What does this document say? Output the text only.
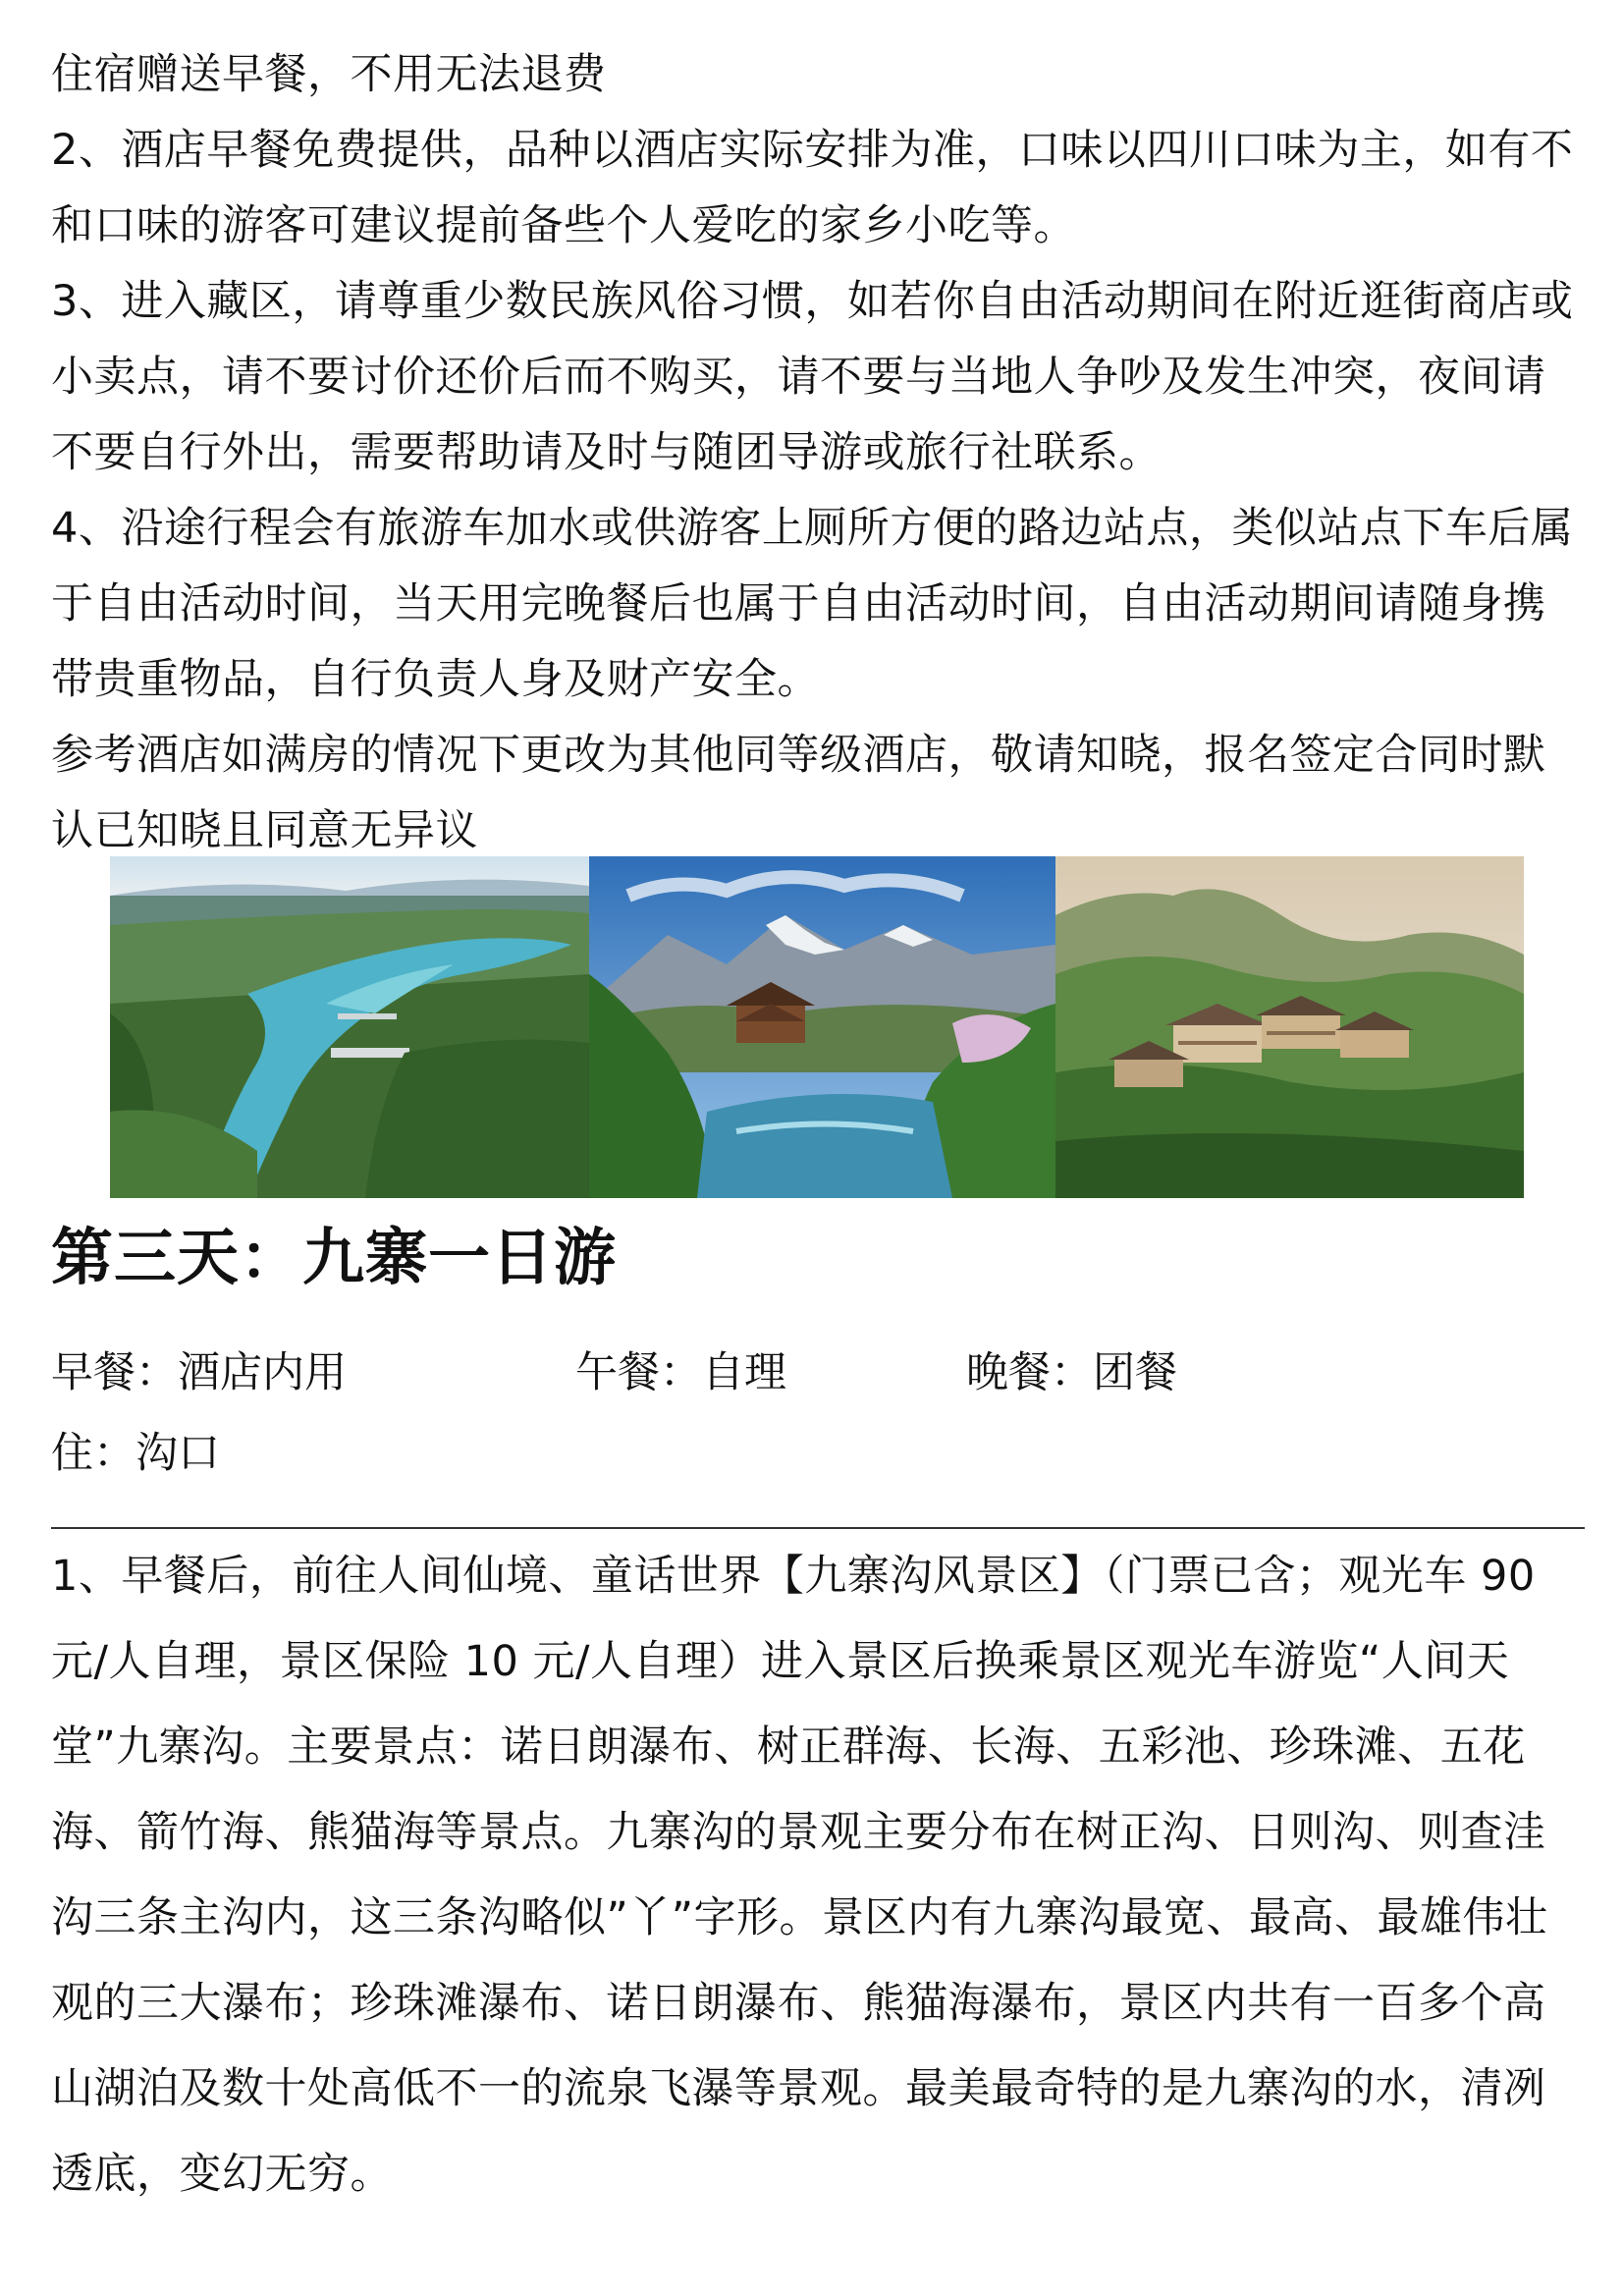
住宿赠送早餐，不用无法退费

2、酒店早餐免费提供，品种以酒店实际安排为准，口味以四川口味为主，如有不和口味的游客可建议提前备些个人爱吃的家乡小吃等。

3、进入藏区，请尊重少数民族风俗习惯，如若你自由活动期间在附近逛街商店或小卖点，请不要讨价还价后而不购买，请不要与当地人争吵及发生冲突，夜间请不要自行外出，需要帮助请及时与随团导游或旅行社联系。

4、沿途行程会有旅游车加水或供游客上厕所方便的路边站点，类似站点下车后属于自由活动时间，当天用完晚餐后也属于自由活动时间，自由活动期间请随身携带贵重物品，自行负责人身及财产安全。

参考酒店如满房的情况下更改为其他同等级酒店，敬请知晓，报名签定合同时默认已知晓且同意无异议

第三天：九寨一日游
早餐：酒店内用	午餐：自理	晚餐：团餐
住：沟口

1、早餐后，前往人间仙境、童话世界【九寨沟风景区】（门票已含；观光车 90 元/人自理，景区保险 10 元/人自理）进入景区后换乘景区观光车游览“人间天堂”九寨沟。主要景点：诺日朗瀑布、树正群海、长海、五彩池、珍珠滩、五花海、箭竹海、熊猫海等景点。九寨沟的景观主要分布在树正沟、日则沟、则查洼沟三条主沟内，这三条沟略似”丫”字形。景区内有九寨沟最宽、最高、最雄伟壮观的三大瀑布；珍珠滩瀑布、诺日朗瀑布、熊猫海瀑布，景区内共有一百多个高山湖泊及数十处高低不一的流泉飞瀑等景观。最美最奇特的是九寨沟的水，清冽透底，变幻无穷。
